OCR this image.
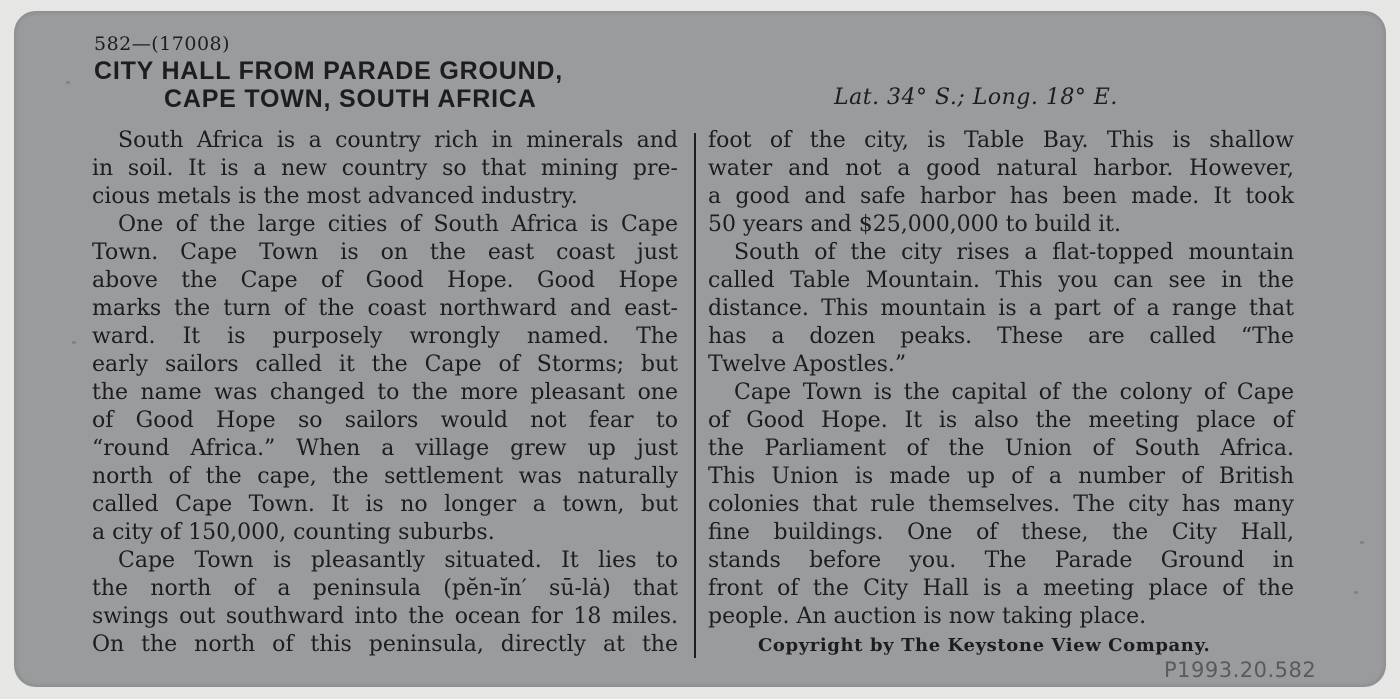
582—(17008)
CITY HALL FROM PARADE GROUND,
CAPE TOWN, SOUTH AFRICA	Lat. 34° S.; Long. 18° E.
South Africa is a country rich in minerals and
in soil. It is a new country so that mining pre-
cious metals is the most advanced industry.
One of the large cities of South Africa is Cape
Town. Cape Town is on the east coast just
above the Cape of Good Hope. Good Hope
marks the turn of the coast northward and east-
ward. It is purposely wrongly named. The
early sailors called it the Cape of Storms; but
the name was changed to the more pleasant one
of Good Hope so sailors would not fear to
“round Africa.” When a village grew up just
north of the cape, the settlement was naturally
called Cape Town. It is no longer a town, but
a city of 150,000, counting suburbs.
Cape Town is pleasantly situated. It lies to
the north of a peninsula (pĕn-ĭn′ sū-lȧ) that
swings out southward into the ocean for 18 miles.
On the north of this peninsula, directly at the
foot of the city, is Table Bay. This is shallow
water and not a good natural harbor. However,
a good and safe harbor has been made. It took
50 years and $25,000,000 to build it.
South of the city rises a flat-topped mountain
called Table Mountain. This you can see in the
distance. This mountain is a part of a range that
has a dozen peaks. These are called “The
Twelve Apostles.”
Cape Town is the capital of the colony of Cape
of Good Hope. It is also the meeting place of
the Parliament of the Union of South Africa.
This Union is made up of a number of British
colonies that rule themselves. The city has many
fine buildings. One of these, the City Hall,
stands before you. The Parade Ground in
front of the City Hall is a meeting place of the
people. An auction is now taking place.
Copyright by The Keystone View Company.
P1993.20.582
